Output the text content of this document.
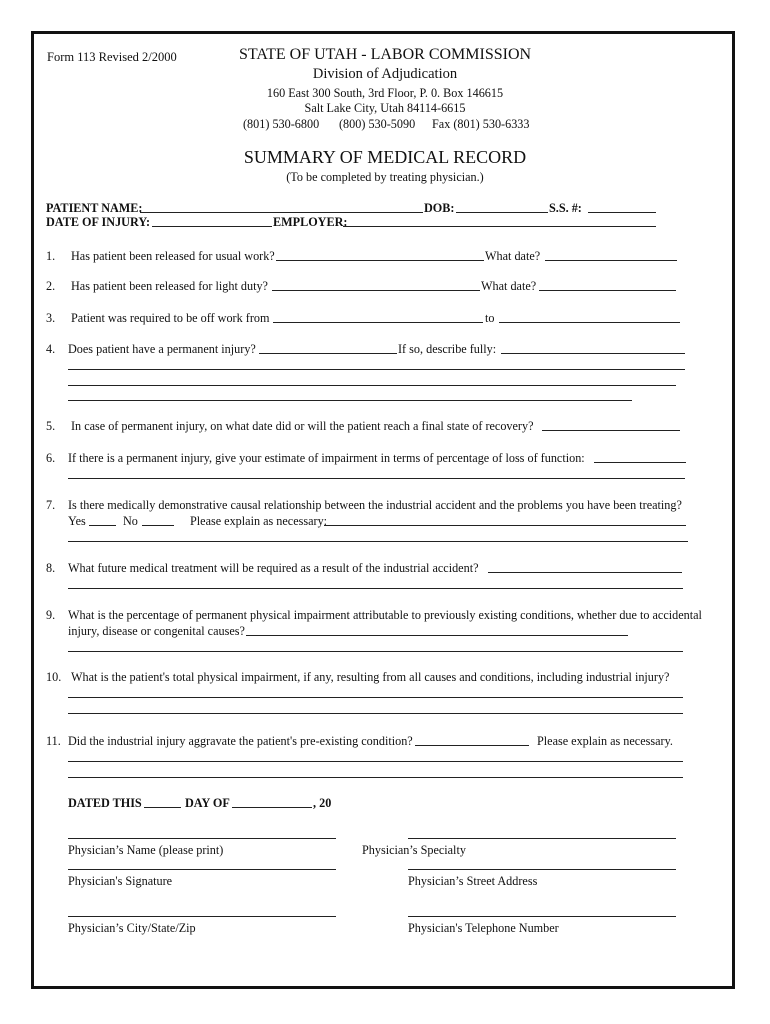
Form 113 Revised 2/2000	STATE OF UTAH - LABOR COMMISSION
Division of Adjudication
160 East 300 South, 3rd Floor, P. 0. Box 146615
Salt Lake City, Utah 84114-6615
(801) 530-6800 (800) 530-5090 Fax (801) 530-6333
SUMMARY OF MEDICAL RECORD
(To be completed by treating physician.)
PATIENT NAME:	DOB:	S.S. #:
DATE OF INJURY:	EMPLOYER:
1. Has patient been released for usual work?	What date?
2. Has patient been released for light duty?	What date?
3. Patient was required to be off work from	to
4. Does patient have a permanent injury?	If so, describe fully:
5. In case of permanent injury, on what date did or will the patient reach a final state of recovery?
6. If there is a permanent injury, give your estimate of impairment in terms of percentage of loss of function:
7. Is there medically demonstrative causal relationship between the industrial accident and the problems you have been treating?
Yes	No	Please explain as necessary:
8. What future medical treatment will be required as a result of the industrial accident?
9. What is the percentage of permanent physical impairment attributable to previously existing conditions, whether due to accidental
injury, disease or congenital causes?
10. What is the patient's total physical impairment, if any, resulting from all causes and conditions, including industrial injury?
11. Did the industrial injury aggravate the patient's pre-existing condition?	Please explain as necessary.
DATED THIS	DAY OF	, 20
Physician’s Name (please print)	Physician’s Specialty
Physician's Signature	Physician’s Street Address
Physician’s City/State/Zip	Physician's Telephone Number
